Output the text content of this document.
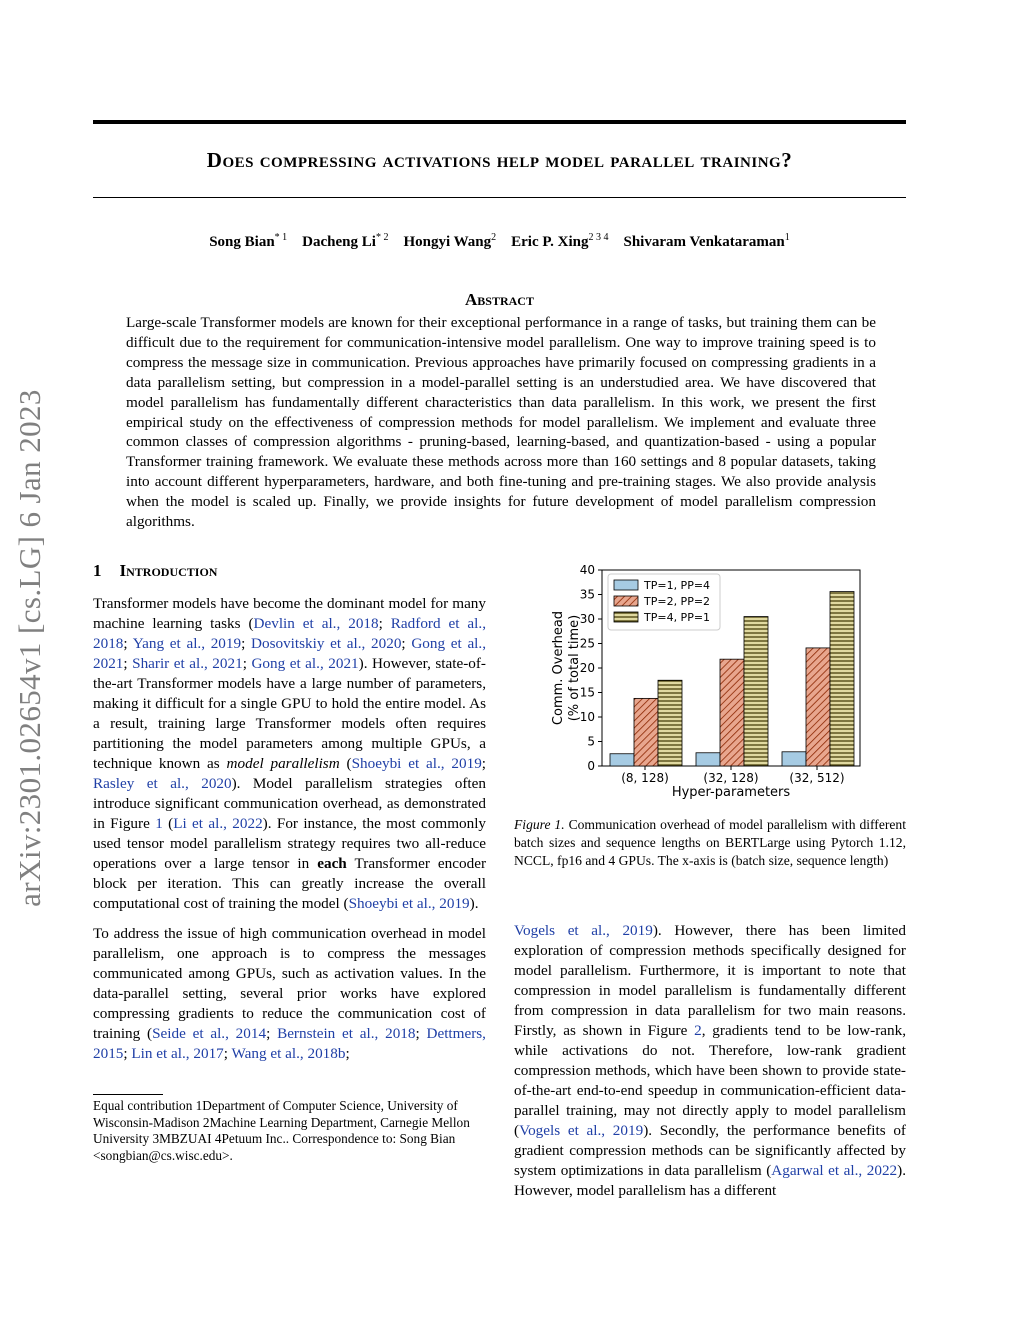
Does compressing activations help model parallel training?
arXiv:2301.02654v1 [cs.LG] 6 Jan 2023
Song Bian$^{* 1}$ Dacheng Li$^{* 2}$ Hongyi Wang$^2$ Eric P. Xing$^{2 3 4}$ Shivaram Venkataraman$^1$
Abstract
Large-scale Transformer models are known for their exceptional performance in a range of tasks, but training them can be difficult due to the requirement for communication-intensive model parallelism. One way to improve training speed is to compress the message size in communication. Previous approaches have primarily focused on compressing gradients in a data parallelism setting, but compression in a model-parallel setting is an understudied area. We have discovered that model parallelism has fundamentally different characteristics than data parallelism. In this work, we present the first empirical study on the effectiveness of compression methods for model parallelism. We implement and evaluate three common classes of compression algorithms - pruning-based, learning-based, and quantization-based - using a popular Transformer training framework. We evaluate these methods across more than 160 settings and 8 popular datasets, taking into account different hyperparameters, hardware, and both fine-tuning and pre-training stages. We also provide analysis when the model is scaled up. Finally, we provide insights for future development of model parallelism compression algorithms.
1 Introduction

Transformer models have become the dominant model for many machine learning tasks (Devlin et al., 2018; Radford et al., 2018; Yang et al., 2019; Dosovitskiy et al., 2020; Gong et al., 2021; Sharir et al., 2021; Gong et al., 2021). However, state-of-the-art Transformer models have a large number of parameters, making it difficult for a single GPU to hold the entire model. As a result, training large Transformer models often requires partitioning the model parameters among multiple GPUs, a technique known as model parallelism (Shoeybi et al., 2019; Rasley et al., 2020). Model parallelism strategies often introduce significant communication overhead, as demonstrated in Figure 1 (Li et al., 2022). For instance, the most commonly used tensor model parallelism strategy requires two all-reduce operations over a large tensor in each Transformer encoder block per iteration. This can greatly increase the overall computational cost of training the model (Shoeybi et al., 2019).

To address the issue of high communication overhead in model parallelism, one approach is to compress the messages communicated among GPUs, such as activation values. In the data-parallel setting, several prior works have explored compressing gradients to reduce the communication cost of training (Seide et al., 2014; Bernstein et al., 2018; Dettmers, 2015; Lin et al., 2017; Wang et al., 2018b;

Equal contribution 1Department of Computer Science, University of Wisconsin-Madison 2Machine Learning Department, Carnegie Mellon University 3MBZUAI 4Petuum Inc.. Correspondence to: Song Bian <songbian@cs.wisc.edu>.
0
5
10
15
20
25
30
35
40
(8, 128)	(32, 128)	(32, 512)
Hyper-parameters
Comm. Overhead (% of total time)
TP=1, PP=4
TP=2, PP=2
TP=4, PP=1
Figure 1. Communication overhead of model parallelism with different batch sizes and sequence lengths on BERTLarge using Pytorch 1.12, NCCL, fp16 and 4 GPUs. The x-axis is (batch size, sequence length)

Vogels et al., 2019). However, there has been limited exploration of compression methods specifically designed for model parallelism. Furthermore, it is important to note that compression in model parallelism is fundamentally different from compression in data parallelism for two main reasons. Firstly, as shown in Figure 2, gradients tend to be low-rank, while activations do not. Therefore, low-rank gradient compression methods, which have been shown to provide state-of-the-art end-to-end speedup in communication-efficient data-parallel training, may not directly apply to model parallelism (Vogels et al., 2019). Secondly, the performance benefits of gradient compression methods can be significantly affected by system optimizations in data parallelism (Agarwal et al., 2022). However, model parallelism has a different
